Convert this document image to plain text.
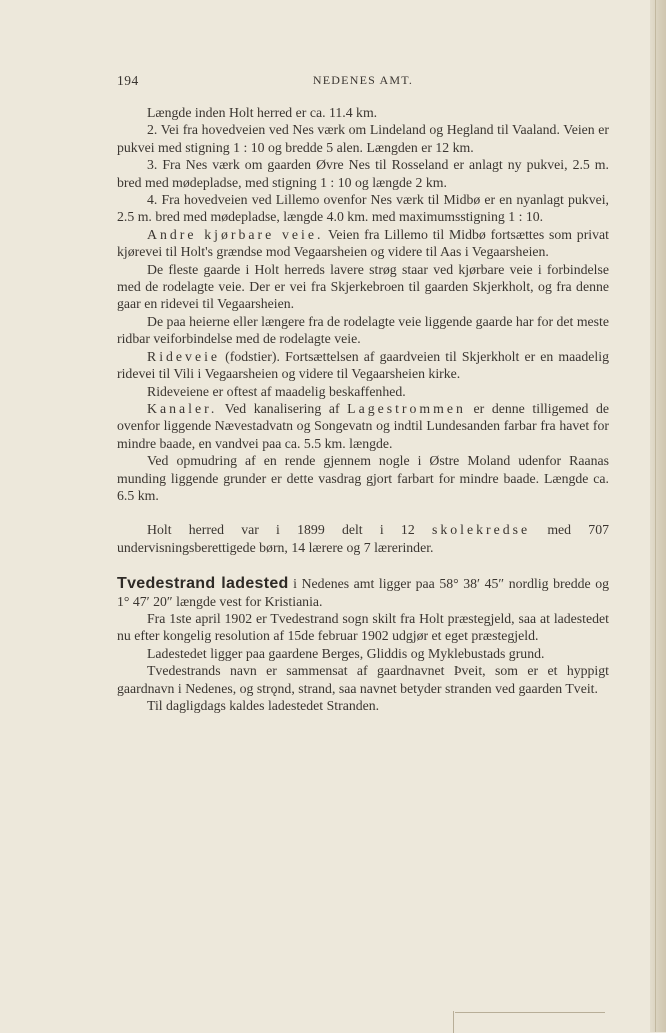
194	NEDENES AMT.

Længde inden Holt herred er ca. 11.4 km.

2. Vei fra hovedveien ved Nes værk om Lindeland og Hegland til Vaaland. Veien er pukvei med stigning 1 : 10 og bredde 5 alen. Længden er 12 km.

3. Fra Nes værk om gaarden Øvre Nes til Rosseland er anlagt ny pukvei, 2.5 m. bred med mødepladse, med stigning 1 : 10 og længde 2 km.

4. Fra hovedveien ved Lillemo ovenfor Nes værk til Midbø er en nyanlagt pukvei, 2.5 m. bred med mødepladse, længde 4.0 km. med maximumsstigning 1 : 10.

Andre kjørbare veie. Veien fra Lillemo til Midbø fortsættes som privat kjørevei til Holt's grændse mod Vegaarsheien og videre til Aas i Vegaarsheien.

De fleste gaarde i Holt herreds lavere strøg staar ved kjørbare veie i forbindelse med de rodelagte veie. Der er vei fra Skjerkebroen til gaarden Skjerkholt, og fra denne gaar en ridevei til Vegaarsheien.

De paa heierne eller længere fra de rodelagte veie liggende gaarde har for det meste ridbar veiforbindelse med de rodelagte veie.

Rideveie (fodstier). Fortsættelsen af gaardveien til Skjerkholt er en maadelig ridevei til Vili i Vegaarsheien og videre til Vegaarsheien kirke.

Rideveiene er oftest af maadelig beskaffenhed.

Kanaler. Ved kanalisering af Lagestrommen er denne tilligemed de ovenfor liggende Nævestadvatn og Songevatn og indtil Lundesanden farbar fra havet for mindre baade, en vandvei paa ca. 5.5 km. længde.

Ved opmudring af en rende gjennem nogle i Østre Moland udenfor Raanas munding liggende grunder er dette vasdrag gjort farbart for mindre baade. Længde ca. 6.5 km.

Holt herred var i 1899 delt i 12 skolekredse med 707 undervisningsberettigede børn, 14 lærere og 7 lærerinder.

Tvedestrand ladested i Nedenes amt ligger paa 58° 38′ 45″ nordlig bredde og 1° 47′ 20″ længde vest for Kristiania.

Fra 1ste april 1902 er Tvedestrand sogn skilt fra Holt præstegjeld, saa at ladestedet nu efter kongelig resolution af 15de februar 1902 udgjør et eget præstegjeld.

Ladestedet ligger paa gaardene Berges, Gliddis og Myklebustads grund.

Tvedestrands navn er sammensat af gaardnavnet Þveit, som er et hyppigt gaardnavn i Nedenes, og strǫnd, strand, saa navnet betyder stranden ved gaarden Tveit.

Til dagligdags kaldes ladestedet Stranden.
